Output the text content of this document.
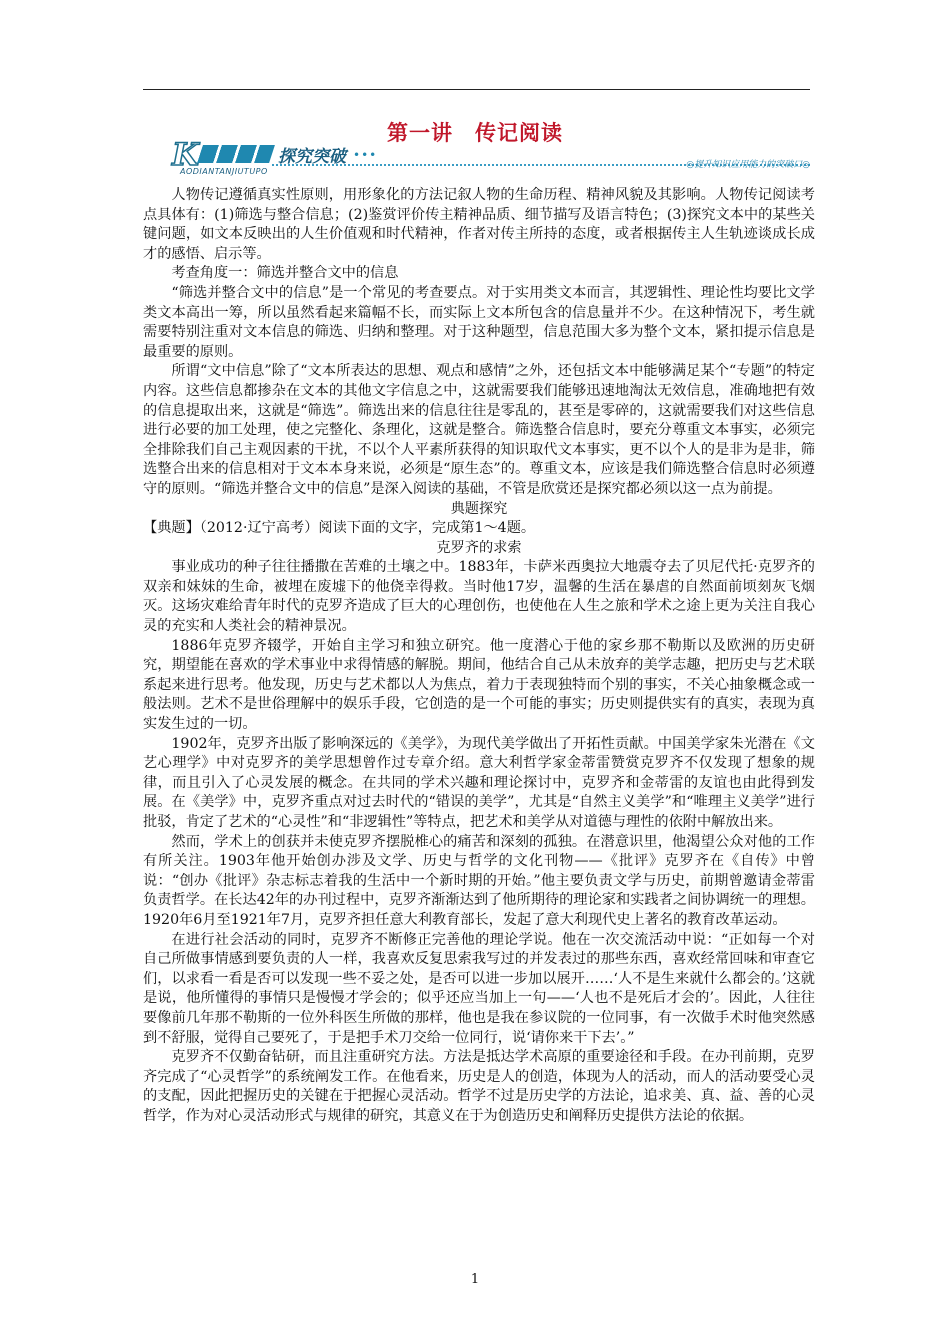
第一讲　传记阅读
K	探究突破 •••
AODIANTANJIUTUPO
◎提升知识应用能力的突破口◎

人物传记遵循真实性原则，用形象化的方法记叙人物的生命历程、精神风貌及其影响。人物传记阅读考点具体有：(1)筛选与整合信息；(2)鉴赏评价传主精神品质、细节描写及语言特色；(3)探究文本中的某些关键问题，如文本反映出的人生价值观和时代精神，作者对传主所持的态度，或者根据传主人生轨迹谈成长成才的感悟、启示等。

考查角度一：筛选并整合文中的信息

“筛选并整合文中的信息”是一个常见的考查要点。对于实用类文本而言，其逻辑性、理论性均要比文学类文本高出一筹，所以虽然看起来篇幅不长，而实际上文本所包含的信息量并不少。在这种情况下，考生就需要特别注重对文本信息的筛选、归纳和整理。对于这种题型，信息范围大多为整个文本，紧扣提示信息是最重要的原则。

所谓“文中信息”除了“文本所表达的思想、观点和感情”之外，还包括文本中能够满足某个“专题”的特定内容。这些信息都掺杂在文本的其他文字信息之中，这就需要我们能够迅速地淘汰无效信息，准确地把有效的信息提取出来，这就是“筛选”。筛选出来的信息往往是零乱的，甚至是零碎的，这就需要我们对这些信息进行必要的加工处理，使之完整化、条理化，这就是整合。筛选整合信息时，要充分尊重文本事实，必须完全排除我们自己主观因素的干扰，不以个人平素所获得的知识取代文本事实，更不以个人的是非为是非，筛选整合出来的信息相对于文本本身来说，必须是“原生态”的。尊重文本，应该是我们筛选整合信息时必须遵守的原则。“筛选并整合文中的信息”是深入阅读的基础，不管是欣赏还是探究都必须以这一点为前提。

典题探究

【典题】（2012·辽宁高考）阅读下面的文字，完成第1～4题。

克罗齐的求索

事业成功的种子往往播撒在苦难的土壤之中。1883年，卡萨米西奥拉大地震夺去了贝尼代托·克罗齐的双亲和妹妹的生命，被埋在废墟下的他侥幸得救。当时他17岁，温馨的生活在暴虐的自然面前顷刻灰飞烟灭。这场灾难给青年时代的克罗齐造成了巨大的心理创伤，也使他在人生之旅和学术之途上更为关注自我心灵的充实和人类社会的精神景况。

1886年克罗齐辍学，开始自主学习和独立研究。他一度潜心于他的家乡那不勒斯以及欧洲的历史研究，期望能在喜欢的学术事业中求得情感的解脱。期间，他结合自己从未放弃的美学志趣，把历史与艺术联系起来进行思考。他发现，历史与艺术都以人为焦点，着力于表现独特而个别的事实，不关心抽象概念或一般法则。艺术不是世俗理解中的娱乐手段，它创造的是一个可能的事实；历史则提供实有的真实，表现为真实发生过的一切。

1902年，克罗齐出版了影响深远的《美学》，为现代美学做出了开拓性贡献。中国美学家朱光潜在《文艺心理学》中对克罗齐的美学思想曾作过专章介绍。意大利哲学家金蒂雷赞赏克罗齐不仅发现了想象的规律，而且引入了心灵发展的概念。在共同的学术兴趣和理论探讨中，克罗齐和金蒂雷的友谊也由此得到发展。在《美学》中，克罗齐重点对过去时代的“错误的美学”，尤其是“自然主义美学”和“唯理主义美学”进行批驳，肯定了艺术的“心灵性”和“非逻辑性”等特点，把艺术和美学从对道德与理性的依附中解放出来。

然而，学术上的创获并未使克罗齐摆脱椎心的痛苦和深刻的孤独。在潜意识里，他渴望公众对他的工作有所关注。1903年他开始创办涉及文学、历史与哲学的文化刊物——《批评》克罗齐在《自传》中曾说：“创办《批评》杂志标志着我的生活中一个新时期的开始。”他主要负责文学与历史，前期曾邀请金蒂雷负责哲学。在长达42年的办刊过程中，克罗齐渐渐达到了他所期待的理论家和实践者之间协调统一的理想。1920年6月至1921年7月，克罗齐担任意大利教育部长，发起了意大利现代史上著名的教育改革运动。

在进行社会活动的同时，克罗齐不断修正完善他的理论学说。他在一次交流活动中说：“正如每一个对自己所做事情感到要负责的人一样，我喜欢反复思索我写过的并发表过的那些东西，喜欢经常回味和审查它们，以求看一看是否可以发现一些不妥之处，是否可以进一步加以展开……‘人不是生来就什么都会的。’这就是说，他所懂得的事情只是慢慢才学会的；似乎还应当加上一句——‘人也不是死后才会的’。因此，人往往要像前几年那不勒斯的一位外科医生所做的那样，他也是我在参议院的一位同事，有一次做手术时他突然感到不舒服，觉得自己要死了，于是把手术刀交给一位同行，说‘请你来干下去’。”

克罗齐不仅勤奋钻研，而且注重研究方法。方法是抵达学术高原的重要途径和手段。在办刊前期，克罗齐完成了“心灵哲学”的系统阐发工作。在他看来，历史是人的创造，体现为人的活动，而人的活动要受心灵的支配，因此把握历史的关键在于把握心灵活动。哲学不过是历史学的方法论，追求美、真、益、善的心灵哲学，作为对心灵活动形式与规律的研究，其意义在于为创造历史和阐释历史提供方法论的依据。

1
